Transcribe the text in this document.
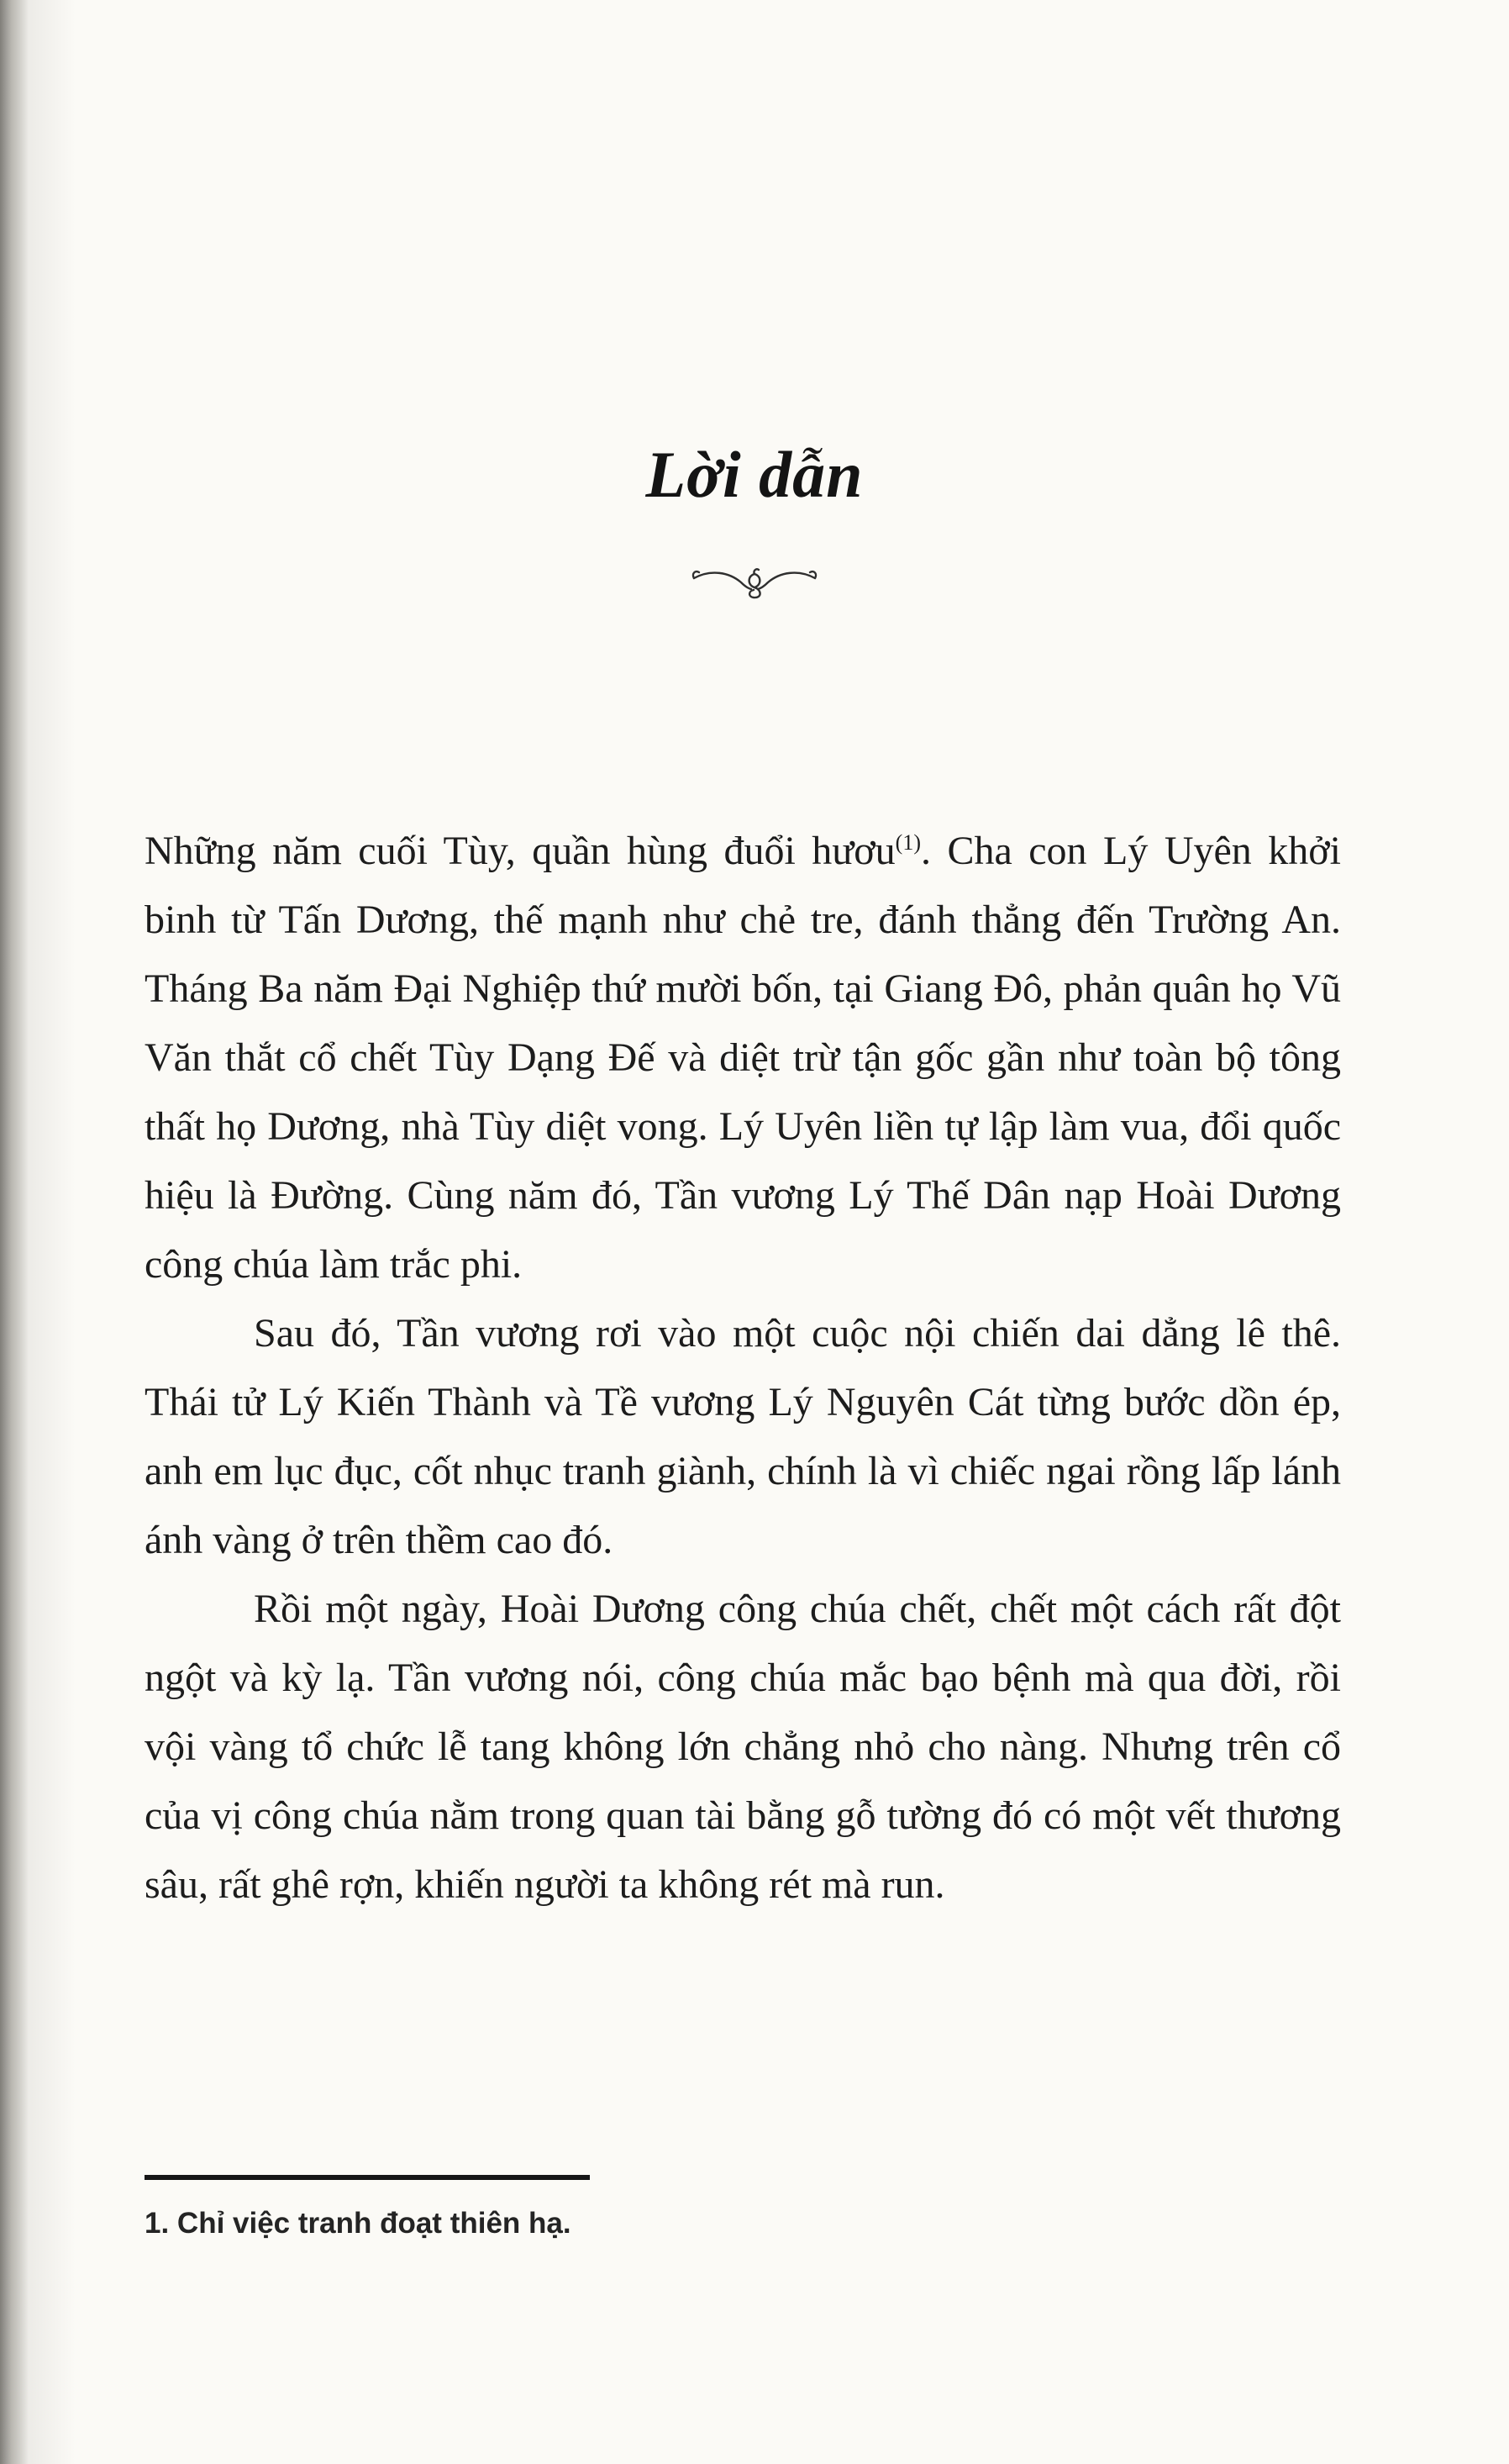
Lời dẫn

Những năm cuối Tùy, quần hùng đuổi hươu$^{(1)}$. Cha con Lý Uyên khởi binh từ Tấn Dương, thế mạnh như chẻ tre, đánh thẳng đến Trường An. Tháng Ba năm Đại Nghiệp thứ mười bốn, tại Giang Đô, phản quân họ Vũ Văn thắt cổ chết Tùy Dạng Đế và diệt trừ tận gốc gần như toàn bộ tông thất họ Dương, nhà Tùy diệt vong. Lý Uyên liền tự lập làm vua, đổi quốc hiệu là Đường. Cùng năm đó, Tần vương Lý Thế Dân nạp Hoài Dương công chúa làm trắc phi.

Sau đó, Tần vương rơi vào một cuộc nội chiến dai dẳng lê thê. Thái tử Lý Kiến Thành và Tề vương Lý Nguyên Cát từng bước dồn ép, anh em lục đục, cốt nhục tranh giành, chính là vì chiếc ngai rồng lấp lánh ánh vàng ở trên thềm cao đó.

Rồi một ngày, Hoài Dương công chúa chết, chết một cách rất đột ngột và kỳ lạ. Tần vương nói, công chúa mắc bạo bệnh mà qua đời, rồi vội vàng tổ chức lễ tang không lớn chẳng nhỏ cho nàng. Nhưng trên cổ của vị công chúa nằm trong quan tài bằng gỗ tường đó có một vết thương sâu, rất ghê rợn, khiến người ta không rét mà run.

1. Chỉ việc tranh đoạt thiên hạ.
